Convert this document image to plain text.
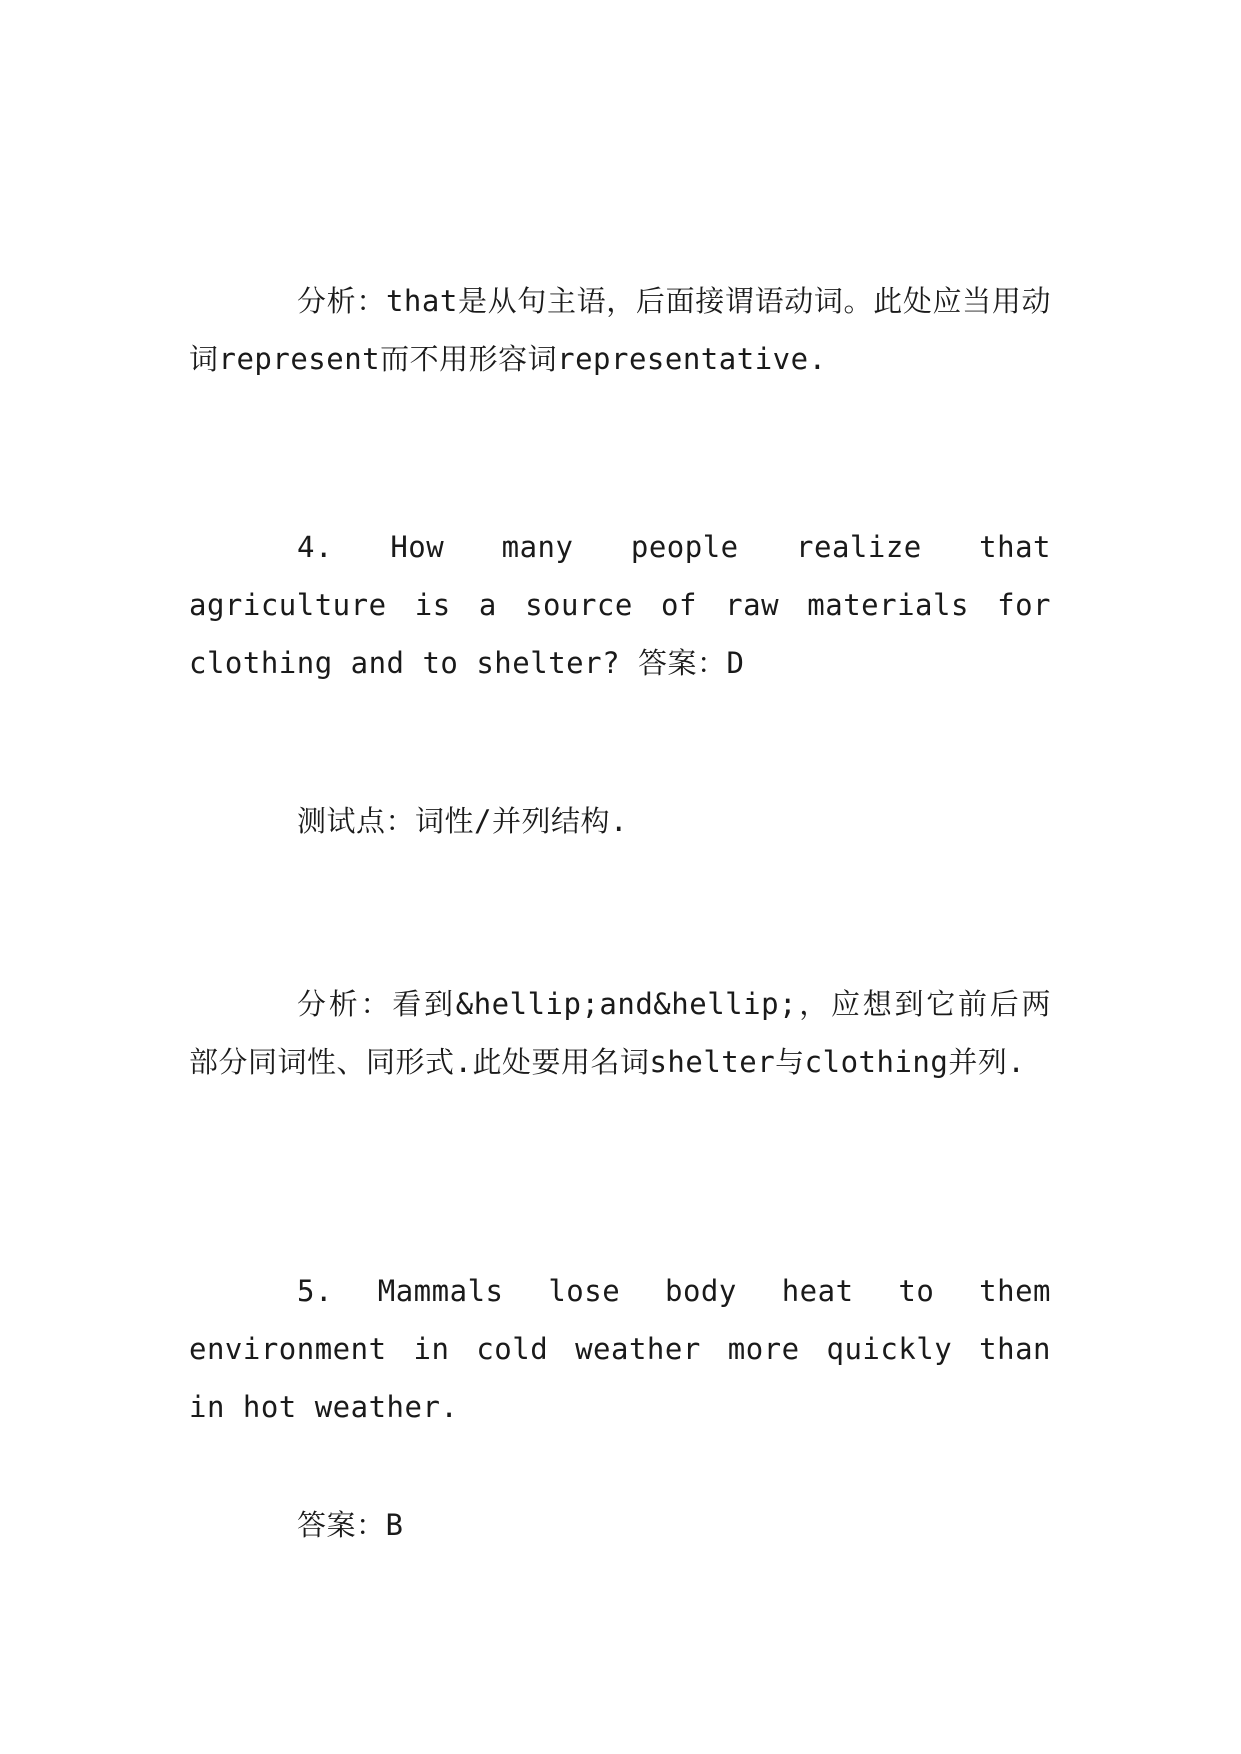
分析：that是从句主语，后面接谓语动词。此处应当用动词represent而不用形容词representative.

4. How many people realize that agriculture is a source of raw materials for clothing and to shelter? 答案：D

测试点：词性/并列结构.

分析：看到&hellip;and&hellip;，应想到它前后两部分同词性、同形式.此处要用名词shelter与clothing并列.

5. Mammals lose body heat to them environment in cold weather more quickly than in hot weather.

答案：B
